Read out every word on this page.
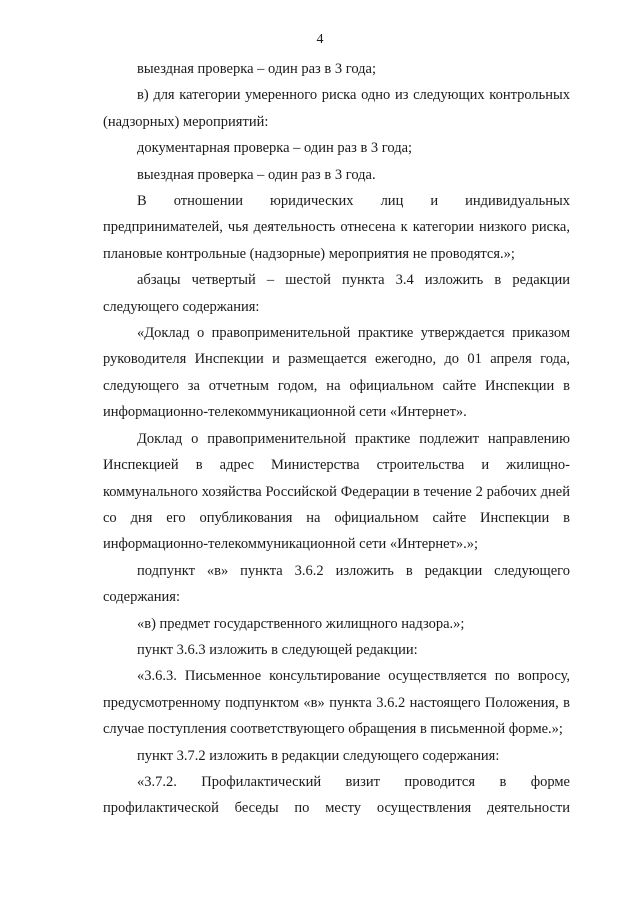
4

выездная проверка – один раз в 3 года;

в) для категории умеренного риска одно из следующих контрольных (надзорных) мероприятий:

документарная проверка – один раз в 3 года;

выездная проверка – один раз в 3 года.

В отношении юридических лиц и индивидуальных предпринимателей, чья деятельность отнесена к категории низкого риска, плановые контрольные (надзорные) мероприятия не проводятся.»;

абзацы четвертый – шестой пункта 3.4 изложить в редакции следующего содержания:

«Доклад о правоприменительной практике утверждается приказом руководителя Инспекции и размещается ежегодно, до 01 апреля года, следующего за отчетным годом, на официальном сайте Инспекции в информационно-телекоммуникационной сети «Интернет».

Доклад о правоприменительной практике подлежит направлению Инспекцией в адрес Министерства строительства и жилищно- коммунального хозяйства Российской Федерации в течение 2 рабочих дней со дня его опубликования на официальном сайте Инспекции в информационно-телекоммуникационной сети «Интернет».»;

подпункт «в» пункта 3.6.2 изложить в редакции следующего содержания:

«в) предмет государственного жилищного надзора.»;

пункт 3.6.3 изложить в следующей редакции:

«3.6.3. Письменное консультирование осуществляется по вопросу, предусмотренному подпунктом «в» пункта 3.6.2 настоящего Положения, в случае поступления соответствующего обращения в письменной форме.»;

пункт 3.7.2 изложить в редакции следующего содержания:

«3.7.2. Профилактический визит проводится в форме профилактической беседы по месту осуществления деятельности
